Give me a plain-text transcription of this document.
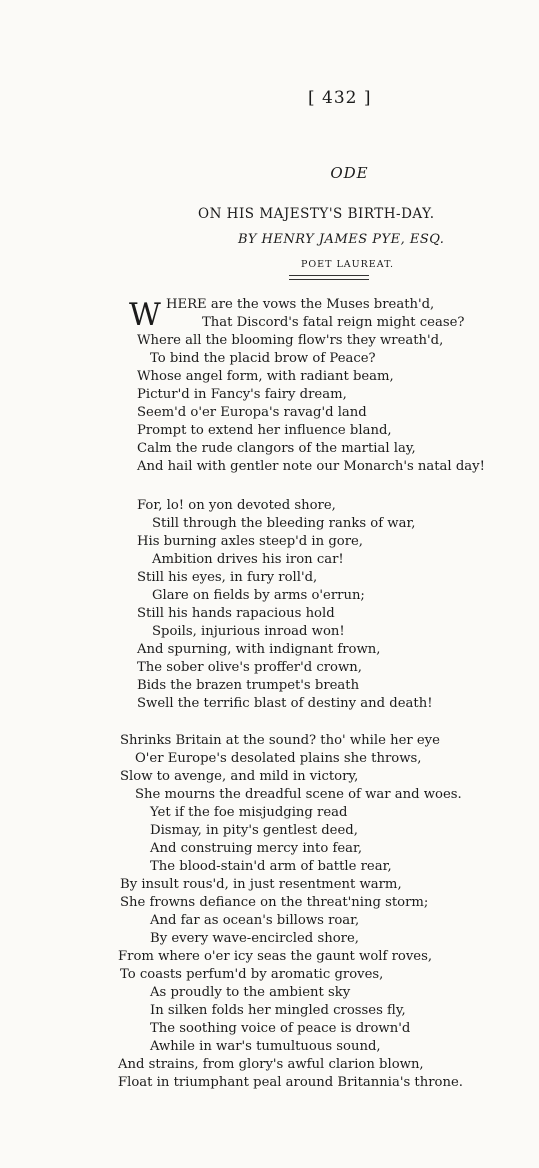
[ 432 ]
ODE
ON HIS MAJESTY'S BIRTH-DAY.
BY HENRY JAMES PYE, ESQ.
POET LAUREAT.
W HERE are the vows the Muses breath'd,
That Discord's fatal reign might cease?
Where all the blooming flow'rs they wreath'd,
To bind the placid brow of Peace?
Whose angel form, with radiant beam,
Pictur'd in Fancy's fairy dream,
Seem'd o'er Europa's ravag'd land
Prompt to extend her influence bland,
Calm the rude clangors of the martial lay,
And hail with gentler note our Monarch's natal day!
For, lo! on yon devoted shore,
Still through the bleeding ranks of war,
His burning axles steep'd in gore,
Ambition drives his iron car!
Still his eyes, in fury roll'd,
Glare on fields by arms o'errun;
Still his hands rapacious hold
Spoils, injurious inroad won!
And spurning, with indignant frown,
The sober olive's proffer'd crown,
Bids the brazen trumpet's breath
Swell the terrific blast of destiny and death!
Shrinks Britain at the sound? tho' while her eye
O'er Europe's desolated plains she throws,
Slow to avenge, and mild in victory,
She mourns the dreadful scene of war and woes.
Yet if the foe misjudging read
Dismay, in pity's gentlest deed,
And construing mercy into fear,
The blood-stain'd arm of battle rear,
By insult rous'd, in just resentment warm,
She frowns defiance on the threat'ning storm;
And far as ocean's billows roar,
By every wave-encircled shore,
From where o'er icy seas the gaunt wolf roves,
To coasts perfum'd by aromatic groves,
As proudly to the ambient sky
In silken folds her mingled crosses fly,
The soothing voice of peace is drown'd
Awhile in war's tumultuous sound,
And strains, from glory's awful clarion blown,
Float in triumphant peal around Britannia's throne.
